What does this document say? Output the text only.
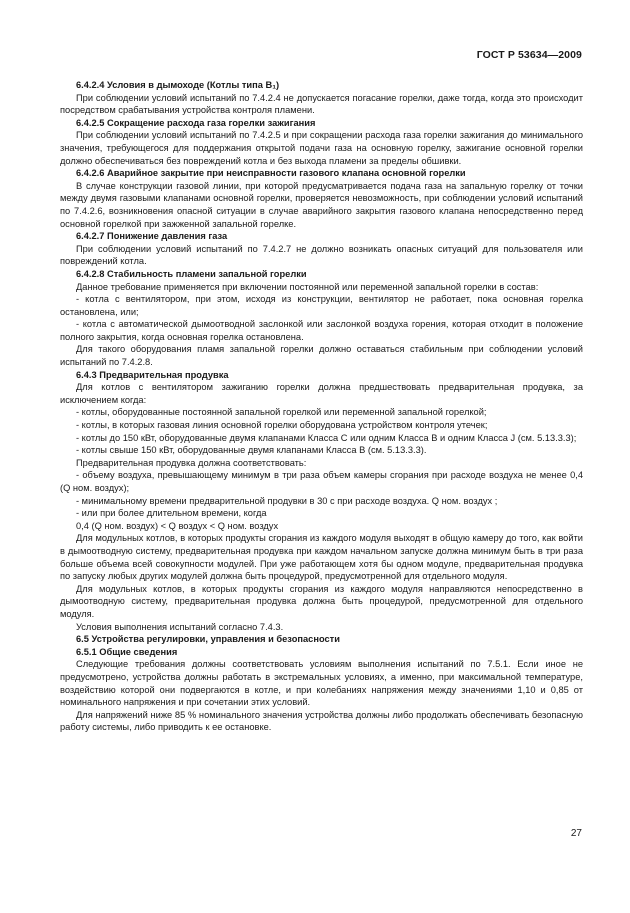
ГОСТ Р 53634—2009

6.4.2.4 Условия в дымоходе (Котлы типа B₁)

При соблюдении условий испытаний по 7.4.2.4 не допускается погасание горелки, даже тогда, когда это происходит посредством срабатывания устройства контроля пламени.

6.4.2.5 Сокращение расхода газа горелки зажигания

При соблюдении условий испытаний по 7.4.2.5 и при сокращении расхода газа горелки зажигания до минимального значения, требующегося для поддержания открытой подачи газа на основную горелку, зажигание основной горелки должно обеспечиваться без повреждений котла и без выхода пламени за пределы обшивки.

6.4.2.6 Аварийное закрытие при неисправности газового клапана основной горелки

В случае конструкции газовой линии, при которой предусматривается подача газа на запальную горелку от точки между двумя газовыми клапанами основной горелки, проверяется невозможность, при соблюдении условий испытаний по 7.4.2.6, возникновения опасной ситуации в случае аварийного закрытия газового клапана непосредственно перед основной горелкой при зажженной запальной горелке.

6.4.2.7 Понижение давления газа

При соблюдении условий испытаний по 7.4.2.7 не должно возникать опасных ситуаций для пользователя или повреждений котла.

6.4.2.8 Стабильность пламени запальной горелки

Данное требование применяется при включении постоянной или переменной запальной горелки в состав:

- котла с вентилятором, при этом, исходя из конструкции, вентилятор не работает, пока основная горелка остановлена, или;

- котла с автоматической дымоотводной заслонкой или заслонкой воздуха горения, которая отходит в положение полного закрытия, когда основная горелка остановлена.

Для такого оборудования пламя запальной горелки должно оставаться стабильным при соблюдении условий испытаний по 7.4.2.8.

6.4.3 Предварительная продувка

Для котлов с вентилятором зажиганию горелки должна предшествовать предварительная продувка, за исключением когда:

- котлы, оборудованные постоянной запальной горелкой или переменной запальной горелкой;

- котлы, в которых газовая линия основной горелки оборудована устройством контроля утечек;

- котлы до 150 кВт, оборудованные двумя клапанами Класса С или одним Класса В и одним Класса J (см. 5.13.3.3);

- котлы свыше 150 кВт, оборудованные двумя клапанами Класса В (см. 5.13.3.3).

Предварительная продувка должна соответствовать:

- объему воздуха, превышающему минимум в три раза объем камеры сгорания при расходе воздуха не менее 0,4 (Q ном. воздух);

- минимальному времени предварительной продувки в 30 с при расходе воздуха. Q ном. воздух ;

- или при более длительном времени, когда

0,4 (Q ном. воздух) < Q воздух < Q ном. воздух

Для модульных котлов, в которых продукты сгорания из каждого модуля выходят в общую камеру до того, как войти в дымоотводную систему, предварительная продувка при каждом начальном запуске должна минимум быть в три раза больше объема всей совокупности модулей. При уже работающем хотя бы одном модуле, предварительная продувка по запуску любых других модулей должна быть процедурой, предусмотренной для отдельного модуля.

Для модульных котлов, в которых продукты сгорания из каждого модуля направляются непосредственно в дымоотводную систему, предварительная продувка должна быть процедурой, предусмотренной для отдельного модуля.

Условия выполнения испытаний согласно 7.4.3.

6.5 Устройства регулировки, управления и безопасности

6.5.1 Общие сведения

Следующие требования должны соответствовать условиям выполнения испытаний по 7.5.1. Если иное не предусмотрено, устройства должны работать в экстремальных условиях, а именно, при максимальной температуре, воздействию которой они подвергаются в котле, и при колебаниях напряжения между значениями 1,10 и 0,85 от номинального напряжения и при сочетании этих условий.

Для напряжений ниже 85 % номинального значения устройства должны либо продолжать обеспечивать безопасную работу системы, либо приводить к ее остановке.

27
